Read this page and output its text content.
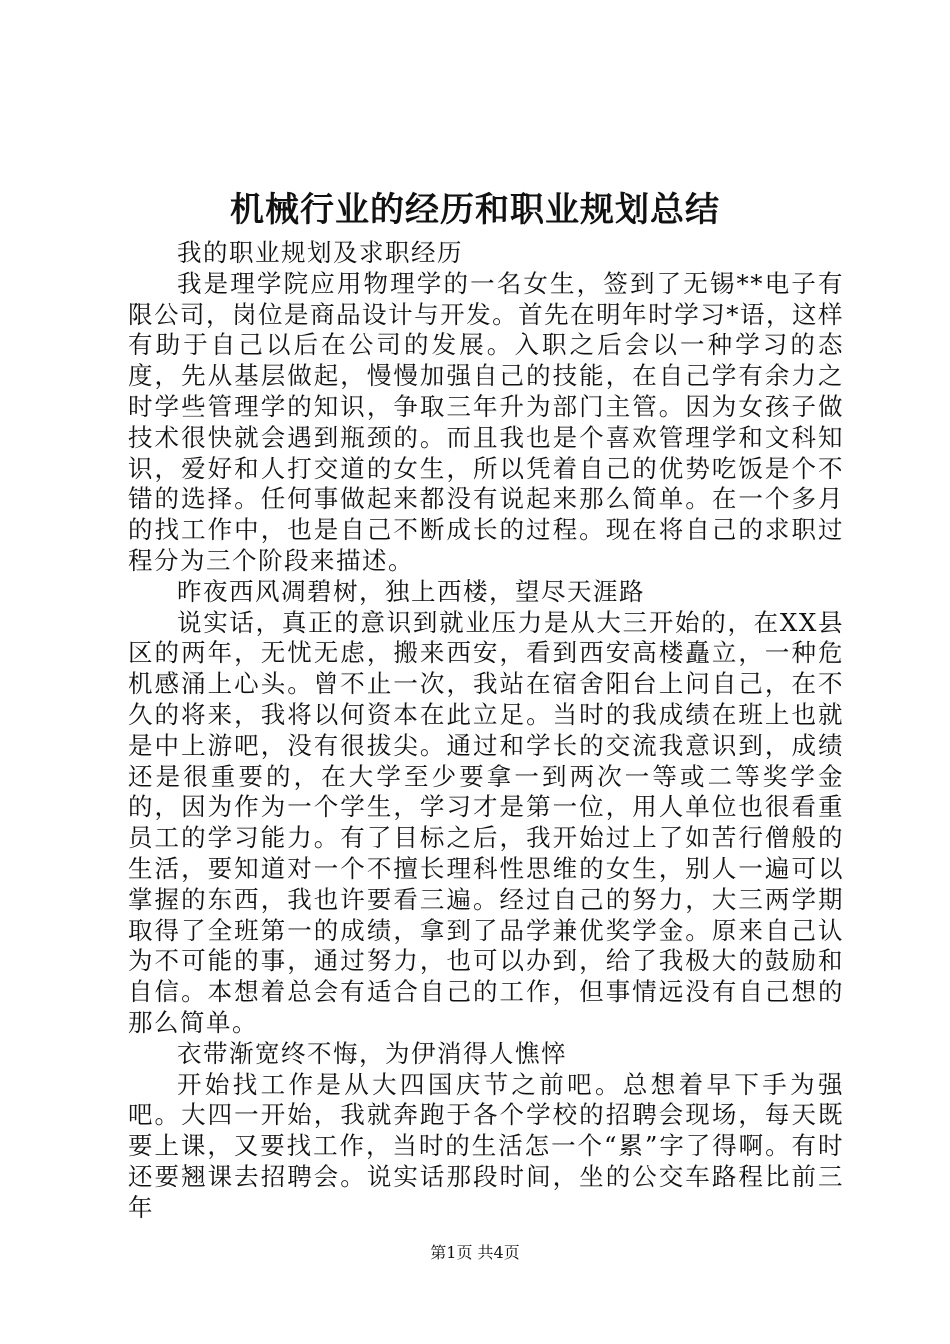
机械行业的经历和职业规划总结

我的职业规划及求职经历

我是理学院应用物理学的一名女生，签到了无锡**电子有限公司，岗位是商品设计与开发。首先在明年时学习*语，这样有助于自己以后在公司的发展。入职之后会以一种学习的态度，先从基层做起，慢慢加强自己的技能，在自己学有余力之时学些管理学的知识，争取三年升为部门主管。因为女孩子做技术很快就会遇到瓶颈的。而且我也是个喜欢管理学和文科知识，爱好和人打交道的女生，所以凭着自己的优势吃饭是个不错的选择。任何事做起来都没有说起来那么简单。在一个多月的找工作中，也是自己不断成长的过程。现在将自己的求职过程分为三个阶段来描述。

昨夜西风凋碧树，独上西楼，望尽天涯路

说实话，真正的意识到就业压力是从大三开始的，在XX县区的两年，无忧无虑，搬来西安，看到西安高楼矗立，一种危机感涌上心头。曾不止一次，我站在宿舍阳台上问自己，在不久的将来，我将以何资本在此立足。当时的我成绩在班上也就是中上游吧，没有很拔尖。通过和学长的交流我意识到，成绩还是很重要的，在大学至少要拿一到两次一等或二等奖学金的，因为作为一个学生，学习才是第一位，用人单位也很看重员工的学习能力。有了目标之后，我开始过上了如苦行僧般的生活，要知道对一个不擅长理科性思维的女生，别人一遍可以掌握的东西，我也许要看三遍。经过自己的努力，大三两学期取得了全班第一的成绩，拿到了品学兼优奖学金。原来自己认为不可能的事，通过努力，也可以办到，给了我极大的鼓励和自信。本想着总会有适合自己的工作，但事情远没有自己想的那么简单。

衣带渐宽终不悔，为伊消得人憔悴

开始找工作是从大四国庆节之前吧。总想着早下手为强吧。大四一开始，我就奔跑于各个学校的招聘会现场，每天既要上课，又要找工作，当时的生活怎一个“累”字了得啊。有时还要翘课去招聘会。说实话那段时间，坐的公交车路程比前三年

第1页 共4页
